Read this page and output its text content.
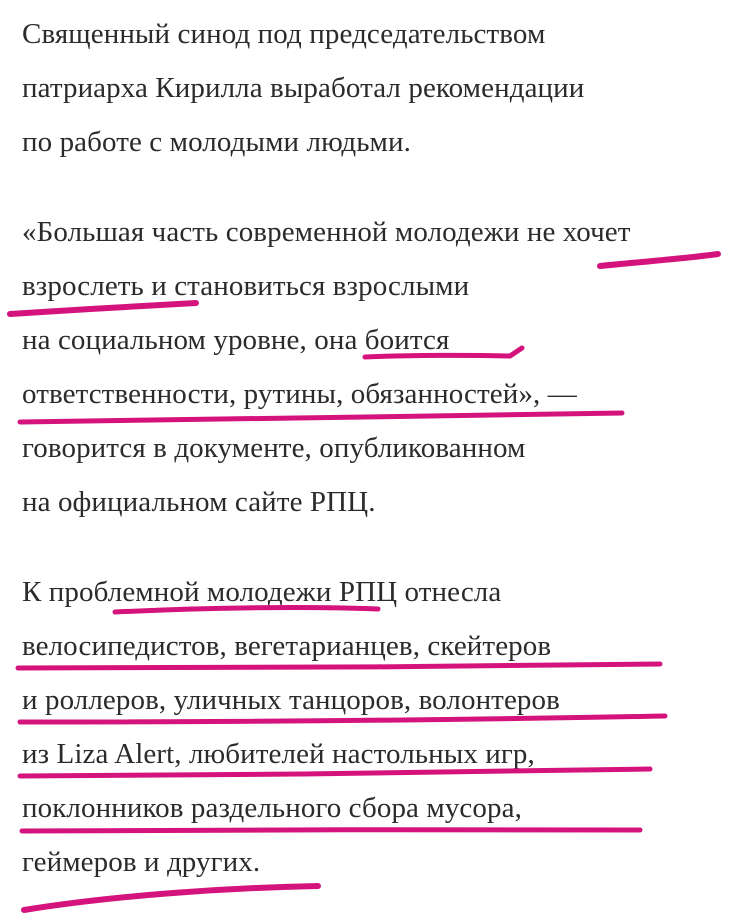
Священный синод под председательством
патриарха Кирилла выработал рекомендации
по работе с молодыми людьми.
«Большая часть современной молодежи не хочет
взрослеть и становиться взрослыми
на социальном уровне, она боится
ответственности, рутины, обязанностей», —
говорится в документе, опубликованном
на официальном сайте РПЦ.
К проблемной молодежи РПЦ отнесла
велосипедистов, вегетарианцев, скейтеров
и роллеров, уличных танцоров, волонтеров
из Liza Alert, любителей настольных игр,
поклонников раздельного сбора мусора,
геймеров и других.
